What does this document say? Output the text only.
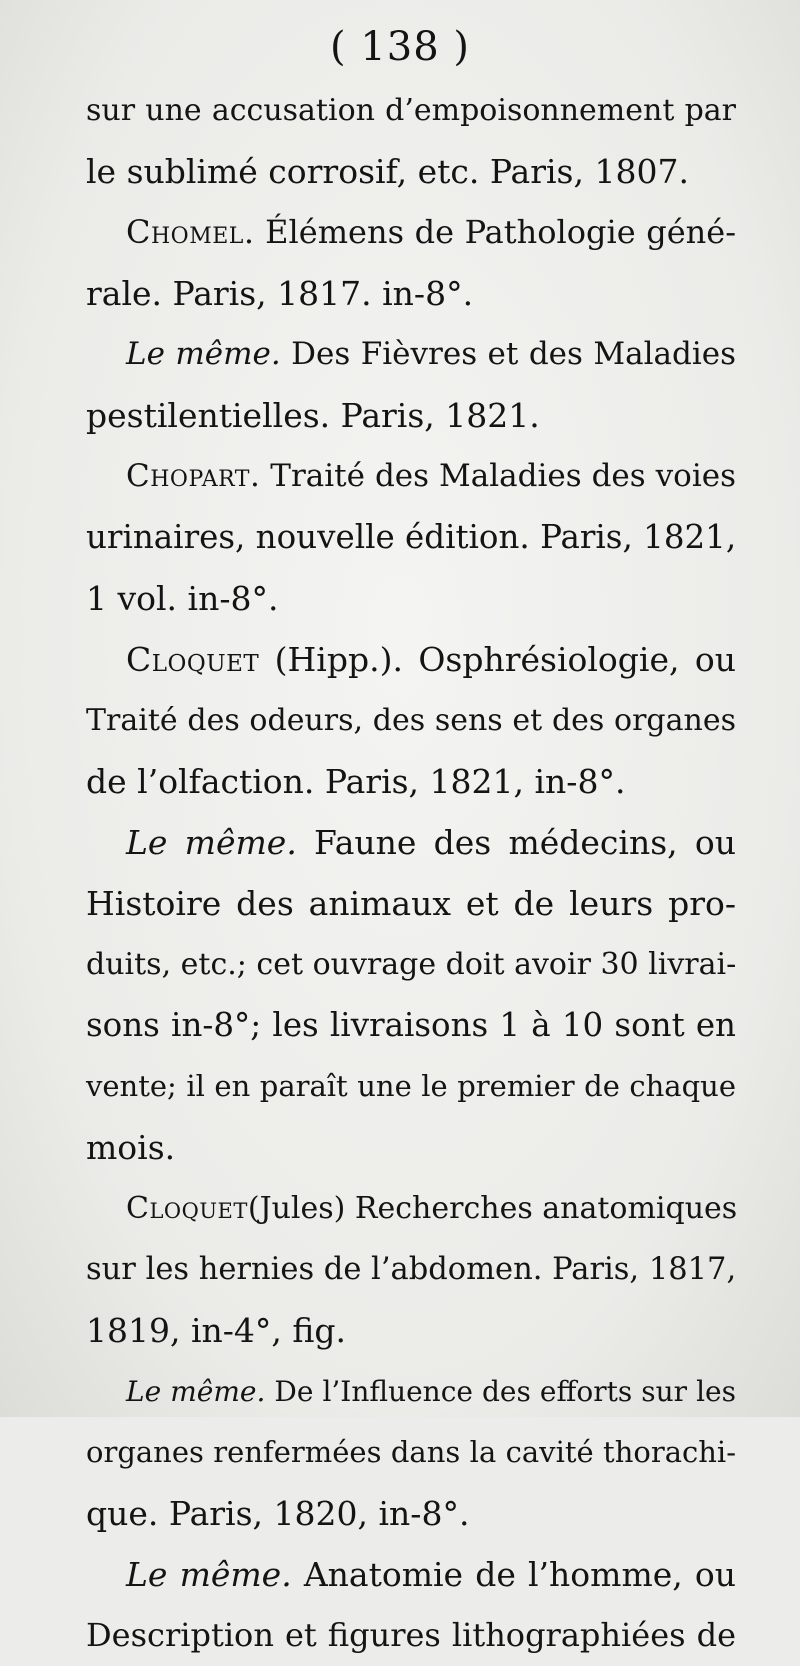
( 138 )
sur une accusation d’empoisonnement par
le sublimé corrosif, etc. Paris, 1807.
Chomel. Élémens de Pathologie géné-
rale. Paris, 1817. in-8°.
Le même. Des Fièvres et des Maladies
pestilentielles. Paris, 1821.
Chopart. Traité des Maladies des voies
urinaires, nouvelle édition. Paris, 1821,
1 vol. in-8°.
Cloquet (Hipp.). Osphrésiologie, ou
Traité des odeurs, des sens et des organes
de l’olfaction. Paris, 1821, in-8°.
Le même. Faune des médecins, ou
Histoire des animaux et de leurs pro-
duits, etc.; cet ouvrage doit avoir 30 livrai-
sons in-8°; les livraisons 1 à 10 sont en
vente; il en paraît une le premier de chaque
mois.
Cloquet(Jules) Recherches anatomiques
sur les hernies de l’abdomen. Paris, 1817,
1819, in-4°, fig.
Le même. De l’Influence des efforts sur les
organes renfermées dans la cavité thorachi-
que. Paris, 1820, in-8°.
Le même. Anatomie de l’homme, ou
Description et figures lithographiées de
